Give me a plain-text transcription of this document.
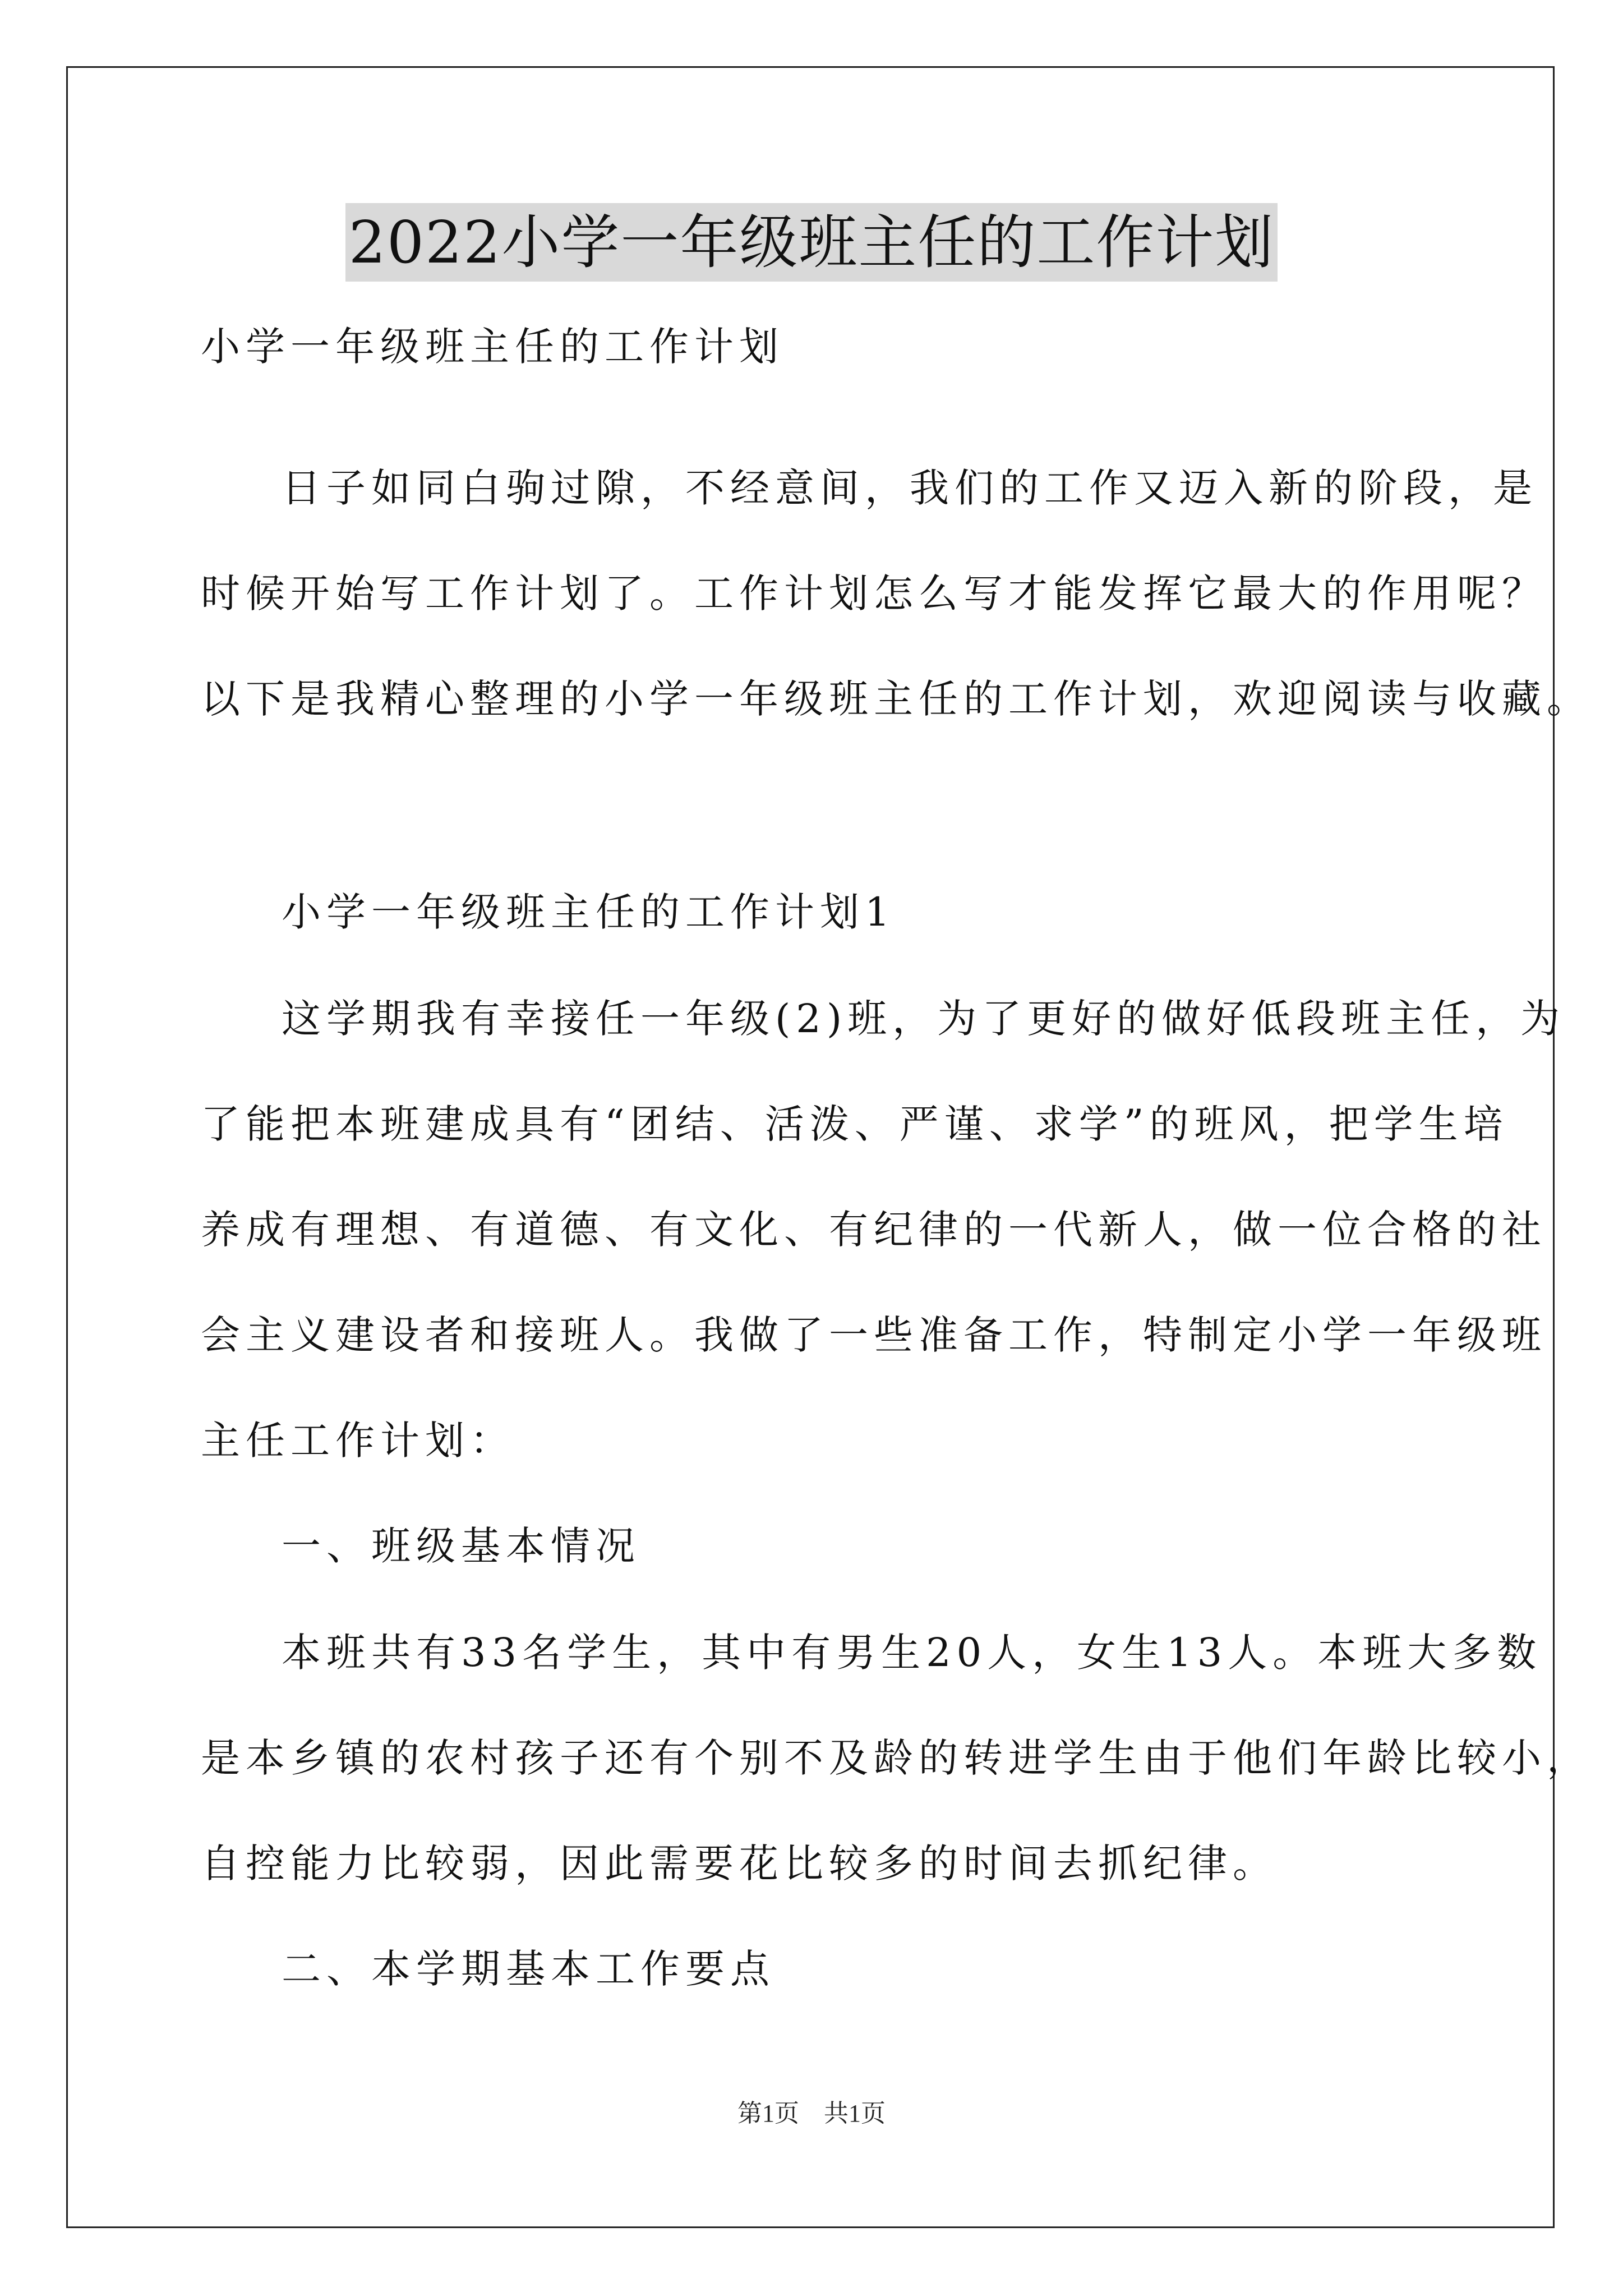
2022小学一年级班主任的工作计划
小学一年级班主任的工作计划
日子如同白驹过隙，不经意间，我们的工作又迈入新的阶段，是
时候开始写工作计划了。工作计划怎么写才能发挥它最大的作用呢？
以下是我精心整理的小学一年级班主任的工作计划，欢迎阅读与收藏。
小学一年级班主任的工作计划1
这学期我有幸接任一年级(2)班，为了更好的做好低段班主任，为
了能把本班建成具有“团结、活泼、严谨、求学”的班风，把学生培
养成有理想、有道德、有文化、有纪律的一代新人，做一位合格的社
会主义建设者和接班人。我做了一些准备工作，特制定小学一年级班
主任工作计划：
一、班级基本情况
本班共有33名学生，其中有男生20人，女生13人。本班大多数
是本乡镇的农村孩子还有个别不及龄的转进学生由于他们年龄比较小，
自控能力比较弱，因此需要花比较多的时间去抓纪律。
二、本学期基本工作要点
第1页　共1页
